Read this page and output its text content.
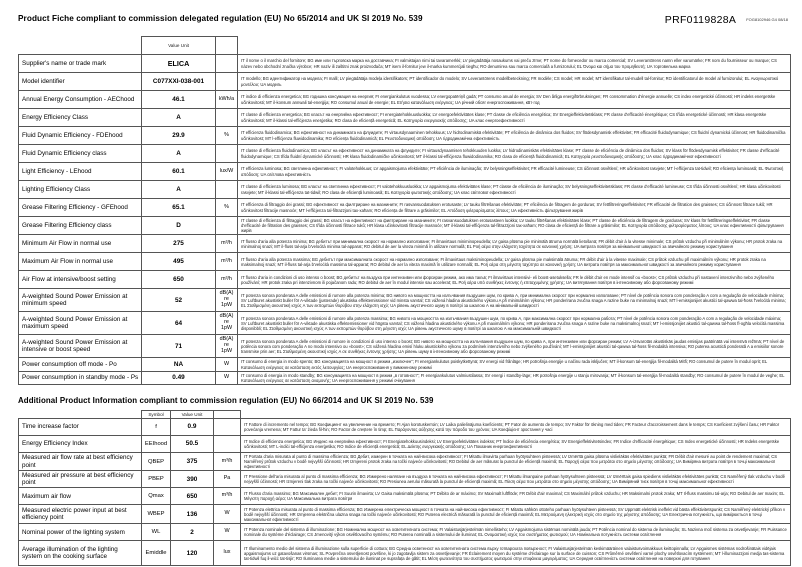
Product Fiche compliant to commission delegated regulation (EU) No 65/2014 and UK SI 2019 No. 539	PRF0119828A	FOG8102946 G4 08/18
	Value Unit		
Supplier's name or trade mark	ELICA		IT il nome o il marchio del fornitore; BG име или търговска марка на доставчика; FI valmistajan nimi tai tavaramerkki; LV piegādātāja nosaukums vai preču zīme; PT nome do fornecedor ou marca comercial; SV Leverantörens namn eller varumärke; FR nom du fournisseur ou marque; CS název nebo obchodní značka výrobce; HR naziv ili zaštitni znak proizvođača; MT isem il-fornitur jew il-marka kummerċjali tiegħu; RO denumirea sau marca comercială a furnizorului; EL Όνομα και σήμα του προμηθευτή; UA торговельна марка
Model identifier	C077XXI-038-001		IT modello; BG идентификатор на модела; FI malli; LV piegādātāja modeļa identifikators; PT identificador do modelo; SV Leverantörens modellbeteckning; FR modèle; CS model; HR model; MT identifikatur tal-mudell tal-fornitur; RO identificatorul de model al furnizorului; EL Αναγνωριστικό μοντέλου; UA модель
Annual Energy Consumption - AEChood	46.1	kWh/a	IT indice di efficienza energetica; BG годишна консумация на енергия; FI energiankulutus vuodessa; LV energopatēriņš gadā; PT consumo anual de energia; SV Den årliga energiförbrukningen; FR consommation d'énergie annuelle; CS index energetické účinnosti; HR indeks energetske učinkovitosti; MT il-konsum annwali tal-enerġija; RO consumul anual de energie; EL Ετήσια κατανάλωση ενέργειας; UA річний обсяг енергоспоживання, кВт·год
Energy Efficiency Class	A		IT classe di efficienza energetica; BG класът на енергийна ефективност; FI energiatehokkuusluokka; LV energoefektivitātes klase; PT classe de eficiência energética; SV Energieffektivitetsklass; FR classe d'efficacité énergétique; CS třída energetické účinnosti; HR klasa energetske učinkovitosti; MT il-klassi tal-effiċjenza enerġetika; RO clasa de eficiență energetică; EL Κατηγορία ενεργειακής απόδοσης; UA клас енергоефективності
Fluid Dynamic Efficiency - FDEhood	29.9	%	IT efficienza fluidodinamica; BG ефективност на динамиката на флуидите; FI virtausdynaaminen tehokkuus; LV hidrodinamiskā efektivitāte; PT eficiência de dinâmica dos fluidos; SV flödesdynamisk effektivitet; FR efficacité fluidodynamique; CS fluidní dynamická účinnost; HR fluidodinamička učinkovitost; MT l-effiċjenza fluwidodinamika; RO eficiența fluidodinamică; EL Ρευστοδυναμική απόδοση; UA гідродинамічна ефективність
Fluid Dynamic Efficiency class	A		IT classe di efficienza fluidodinamica; BG класът на ефективност на динамиката на флуидите; FI virtausdynaamisen tehokkuuden luokka; LV hidrodinamiskās efektivitātes klase; PT classe de eficiência de dinâmica dos fluidos; SV klass för flödesdynamisk effektivitet; FR classe d'efficacité fluidodynamique; CS třída fluidní dynamické účinnosti; HR klasa fluidodinamičke učinkovitosti; MT il-klassi tal-effiċjenza fluwidodinamika; RO clasa de eficiență fluidodinamică; EL Κατηγορία ρευστοδυναμικής απόδοσης; UA клас гідродинамічної ефективності
Light Efficiency - LEhood	60.1	lux/W	IT efficienza luminosa; BG светлинна ефективност; FI valotehokkuus; LV apgaismojuma efektivitāte; PT eficiência de iluminação; SV belysningseffektivitet; FR efficacité lumineuse; CS účinnost osvětlení; HR učinkovitost rasvjete; MT l-effiċjenza tat-tidwil; RO eficiența luminoasă; EL Φωτιστική απόδοση; UA світлова ефективність
Lighting Efficiency Class	A		IT classe di efficienza luminosa; BG класът на светлинна ефективност; FI valotehokkuusluokka; LV apgaismojuma efektivitātes klase; PT classe de eficiência de iluminação; SV belysningseffektivitetsklass; FR classe d'efficacité lumineuse; CS třída účinnosti osvětlení; HR klasa učinkovitosti rasvjete; MT il-klassi tal-effiċjenza tat-tidwil; RO clasa de eficiență luminoasă; EL Κατηγορία φωτιστικής απόδοσης; UA клас світлової ефективності
Grease Filtering Efficiency - GFEhood	65.1	%	IT efficienza di filtraggio dei grassi; BG ефективност на филтриране на мазнините; FI rasvansuodatuksen erotusaste; LV tauku filtrēšanas efektivitāte; PT eficiência de filtragem de gorduras; SV fettfiltreringseffektivitet; FR efficacité de filtration des graisses; CS účinnost filtrace tuků; HR učinkovitost filtracije masnoće; MT l-effiċjenza tal-filtrazzjoni tax-xaħam; RO eficiența de filtrare a grăsimilor; EL Απόδοση φιλτραρίσματος λίπους; UA ефективність фільтрування жирів
Grease Filtering Efficiency class	D		IT classe di efficienza di filtraggio dei grassi; BG класът на ефективност на филтриране на мазнините; FI rasvansuodatuksen erotusasteen luokka; LV tauku filtrēšanas efektivitātes klase; PT classe de eficiência de filtragem de gorduras; SV klass för fettfiltreringseffektivitet; FR classe d'efficacité de filtration des graisses; CS třída účinnosti filtrace tuků; HR klasa učinkovitosti filtracije masnoće; MT il-klassi tal-effiċjenza tal-filtrazzjoni tax-xaħam; RO clasa de eficiență de filtrare a grăsimilor; EL Κατηγορία απόδοσης φιλτραρίσματος λίπους; UA клас ефективності фільтрування жирів
Minimum Air Flow in normal use	275	m³/h	IT flusso d'aria alla potenza minima; BG дебитът при минимална скорост на нормално използване; FI ilmavirtaus miniminopeudella; LV gaisa plūsma pie minimālā ātruma normālā lietošanā; FR débit d'air à la vitesse minimale; CS průtok vzduchu při minimálním výkonu; HR protok zraka na minimalnoj snazi; MT il-fluss tal-arja b'veloċità minima tal-apparat; RO debitul de aer la viteza minimă în utilizare normală; EL Ροή αέρα στην ελάχιστη ταχύτητα σε κανονική χρήση; UA витрата повітря за мінімальної швидкості за звичайного режиму користування
Maximum Air Flow in normal use	495	m³/h	IT flusso d'aria alla potenza massima; BG дебитът при максималната скорост на нормално използване; FI ilmavirtaus maksiminopeudella; LV gaisa plūsma pie maksimālā ātruma; FR débit d'air à la vitesse maximale; CS průtok vzduchu při maximálním výkonu; HR protok zraka na maksimalnoj snazi; MT il-fluss tal-arja b'veloċità massima tal-apparat; RO debitul de aer la viteza maximă în utilizare normală; EL Ροή αέρα στη μέγιστη ταχύτητα σε κανονική χρήση; UA витрата повітря за максимальної швидкості за звичайного режиму користування
Air Flow at intensive/boost setting	650	m³/h	IT flusso d'aria in condizioni di uso intenso o boost; BG дебитът на въздуха при интензивен или форсиран режим, ако има такъв; FI ilmavirtaus intensiivi- eli boost-asetuksella; FR le débit d'air en mode intensif ou «boost»; CS průtok vzduchu při nastavení intenzivního nebo zvýšeného používání; HR protok zraka pri intenzivnom ili pojačanom radu; RO debitul de aer în modul intensiv sau accelerat; EL Ροή αέρα υπό συνθήκες έντονης ή επιταχυμένης χρήσης; UA витягування повітря в інтенсивному або форсованому режимі
A-weighted Sound Power Emission at minimum speed	52	dB(A) re 1pW	IT potenza sonora ponderata A delle emissioni di rumore alla potenza minima; BG нивото на мощността на излъчвания въздушен шум, по крива A, при минимална скорост при нормално използване; PT nível de potência sonora com ponderação A com a regulação de velocidade mínima; SV Luftburet akustiskt buller för A-viktade (justerade) akustiska effektemissioner vid minsta varvtal; CS vážená hladina akustického výkonu A při minimálním výkonu; HR ponderirana zvučna snaga A razine buke na minimalnoj snazi; MT l-emissjonijiet akustiċi tal-qawwa tal-ħoss f'veloċità minima; EL Σταθμισμένη ακουστική ισχύς A των εκπομπών θορύβου στην ελάχιστη ισχύ; UA рівень акустичного шуму в повітрі за шкалою A на мінімальній швидкості
A-weighted Sound Power Emission at maximum speed	64	dB(A) re 1pW	IT potenza sonora ponderata A delle emissioni di rumore alla potenza massima; BG нивото на мощността на излъчвания въздушен шум, по крива A, при максимална скорост при нормална работа; PT nível de potência sonora com ponderação A com a regulação de velocidade máxima; SV Luftburet akustiskt buller för A-viktade akustiska effektemissioner vid högsta varvtal; CS vážená hladina akustického výkonu A při maximálním výkonu; HR ponderirana zvučna snaga A razine buke na maksimalnoj snazi; MT l-emissjonijiet akustiċi tal-qawwa tal-ħoss fl-ogħla veloċità massima disponibbli; EL Σταθμισμένη ακουστική ισχύς A των εκπομπών θορύβου στη μέγιστη ισχύ; UA рівень акустичного шуму в повітрі за шкалою A на максимальній швидкості
A-weighted Sound Power Emission at intensive or boost speed	71	dB(A) re 1pW	IT potenza sonora ponderata A delle emissioni di rumore in condizioni di uso intenso o boost; BG нивото на мощността на излъчвания въздушен шум, по крива A, при интензивен или форсиран режим; LV A-izsvarotās akustiskās jaudas emisijas paātrinātā vai intensīvā režīmā; PT nível de potência sonora com ponderação A no modo intensivo ou «boost»; CS vážená hladina emisí hluku akustického výkonu za podmínek intenzivního nebo zvýšeného používání; MT l-emissjonijiet akustiċi tal-qawwa tal-ħoss fil-modalità intensiva; RO puterea acustică ponderată A a emisiilor sonore transmise prin aer; EL Σταθμισμένη ακουστική ισχύς A σε συνθήκες έντονης χρήσης; UA рівень шуму в інтенсивному або форсованому режимі
Power consumption off mode - Po	NA	W	IT consumo di energia in modo spento; BG консумацията на мощност в режим „изключен“; FI energiankulutus poiskytkettynä; SV energi vid frånläge; HR potrošnja energije u načinu rada isključen; MT il-konsum tal-enerġija fil-modalità Mitfi; RO consumul de putere în modul oprit; EL Κατανάλωση ενέργειας σε κατάσταση εκτός λειτουργίας; UA енергоспоживання у вимкненому режимі
Power consumption in standby mode - Ps	0.49	W	IT consumo di energia in modo standby; BG консумацията на мощност в режим „в готовност“; FI energiankulutus valmiustilassa; SV energi i standby-läge; HR potrošnja energije u stanju mirovanja; MT il-konsum tal-enerġija fil-modalità standby; RO consumul de putere în modul de veghe; EL Κατανάλωση ενέργειας σε κατάσταση αναμονής; UA енергоспоживання у режимі очікування
Additional Product Information compliant to commission regulation (EU) No 66/2014 and UK SI 2019 No. 539
	Symbol	Value Unit		
Time increase factor	f	0.9		IT Fattore di incremento nel tempo; BG Коефициент на увеличение на времето; FI Ajan korotuskerroin; LV Laika palielinājuma koeficients; PT Fator de aumento de tempo; SV Faktor för ökning med tiden; FR Facteur d'accroissement dans le temps; CS Koeficient zvýšení času; HR Faktor povećanja vremena; MT Fattur ta' żieda fil-ħin; RO Factor de creștere în timp; EL Παράγοντας αύξησης κατά την πάροδο του χρόνου; UA Коефіцієнт зростання у часі
Energy Efficiency Index	EEIhood	50.5		IT Indice di efficienza energetica; BG Индекс на енергийна ефективност; FI Energiatehokkuusindeksi; LV Energoefektivitātes indekss; PT Índice de eficiência energética; SV Energieffektivitetsindex; FR Indice d'efficacité énergétique; CS Index energetické účinnosti; HR Indeks energetske učinkovitosti; MT L-indiċi tal-effiċjenza enerġetika; RO Indice de eficiență energetică; EL Δείκτης ενεργειακής απόδοσης; UA Показник енергоефективності
Measured air flow rate at best efficiency point	QBEP	375	m³/h	IT Portata d'aria misurata al punto di massima efficienza; BG Дебит, измерен в точката на най-висока ефективност; FI Mitattu ilmavirta parhaan hyötysuhteen pisteessä; LV Izmērītā gaisa plūsma vislielākās efektivitātes punktā; FR Débit d'air mesuré au point de rendement maximal; CS Naměřený průtok vzduchu v bodě nejvyšší účinnosti; HR Izmjereni protok zraka na točki najveće učinkovitosti; RO Debitul de aer măsurat la punctul de eficiență maximă; EL Παροχή αέρα που μετράται στο σημείο μέγιστης απόδοσης; UA Виміряна витрата повітря в точці максимальної ефективності
Measured air pressure at best efficiency point	PBEP	390	Pa	IT Pressione dell'aria misurata al punto di massima efficienza; BG Измерено налягане на въздуха в точката на най-висока ефективност; FI Mitattu ilmanpaine parhaan hyötysuhteen pisteessä; LV Izmērītais gaisa spiediens vislielākās efektivitātes punktā; CS Naměřený tlak vzduchu v bodě nejvyšší účinnosti; HR Izmjereni tlak zraka na točki najveće učinkovitosti; RO Presiunea aerului măsurată la punctul de eficiență maximă; EL Πίεση αέρα που μετράται στο σημείο μέγιστης απόδοσης; UA Виміряний тиск повітря в точці максимальної ефективності
Maximum air flow	Qmax	650	m³/h	IT Flusso d'aria massimo; BG Максимален дебит; FI Suurin ilmavirta; LV Gaisa maksimālā plūsma; PT Débito de ar máximo; SV Maximalt luftflöde; FR Débit d'air maximal; CS Maximální průtok vzduchu; HR Maksimalni protok zraka; MT Il-fluss massimu tal-arja; RO Debitul de aer maxim; EL Μέγιστη παροχή αέρα; UA Максимальна витрата повітря
Measured electric power input at best efficiency point	WBEP	136	W	IT Potenza elettrica misurata al punto di massima efficienza; BG Измерена електрическа мощност в точката на най-висока ефективност; FI Mitattu sähkön ottoteho parhaan hyötysuhteen pisteessä; SV Uppmätt elektrisk ineffekt vid bästa effektivitetspunkt; CS Naměřený elektrický příkon v bodě nejvyšší účinnosti; HR Izmjerena električna ulazna snaga na točki najveće učinkovitosti; RO Puterea electrică măsurată la punctul de eficiență maximă; EL Μετρούμενη ηλεκτρική ισχύς στο σημείο της μέγιστης απόδοσης; UA Електрична потужність, що вимірюється в точці максимальної ефективності
Nominal power of the lighting system	WL	2	W	IT Potenza nominale del sistema di illuminazione; BG Номинална мощност на осветителната система; FI Valaistusjärjestelmän nimellisteho; LV Apgaismojuma sistēmas nominālā jauda; PT Potência nominal do sistema de iluminação; SL Nazivna moč sistema za osvetljevanje; FR Puissance nominale du système d'éclairage; CS Jmenovitý výkon osvětlovacího systému; RO Puterea nominală a sistemului de iluminat; EL Ονομαστική ισχύς του συστήματος φωτισμού; UA Номінальна потужність системи освітлення
Average illumination of the lighting system on the cooking surface	Emiddle	120	lux	IT Illuminamento medio del sistema di illuminazione sulla superficie di cottura; BG Средна осветеност на осветителната система върху готварската повърхност; FI Valaistusjärjestelmän keskimääräinen valaistusvoimakkuus keittopinnalla; LV Apgaismes sistēmas nodrošinātais vidējais apgaismojums uz gatavošanas virsmas; SL Povprečna osvetljenost površine, ki jo zagotavlja sistem za osvetljevanje; FR Éclairement moyen du système d'éclairage sur la surface de cuisson; CS Průměrné osvětlení varné plochy osvětlovacím systémem; MT l-illuminazzjoni medja tas-sistema tat-tidwil fuq il-wiċċ tat-tisjir; RO Iluminarea medie a sistemului de iluminat pe suprafața de gătit; EL Μέση φωτεινότητα του συστήματος φωτισμού στην επιφάνεια μαγειρέματος; UA Середня освітленість системи освітлення на поверхні для готування
